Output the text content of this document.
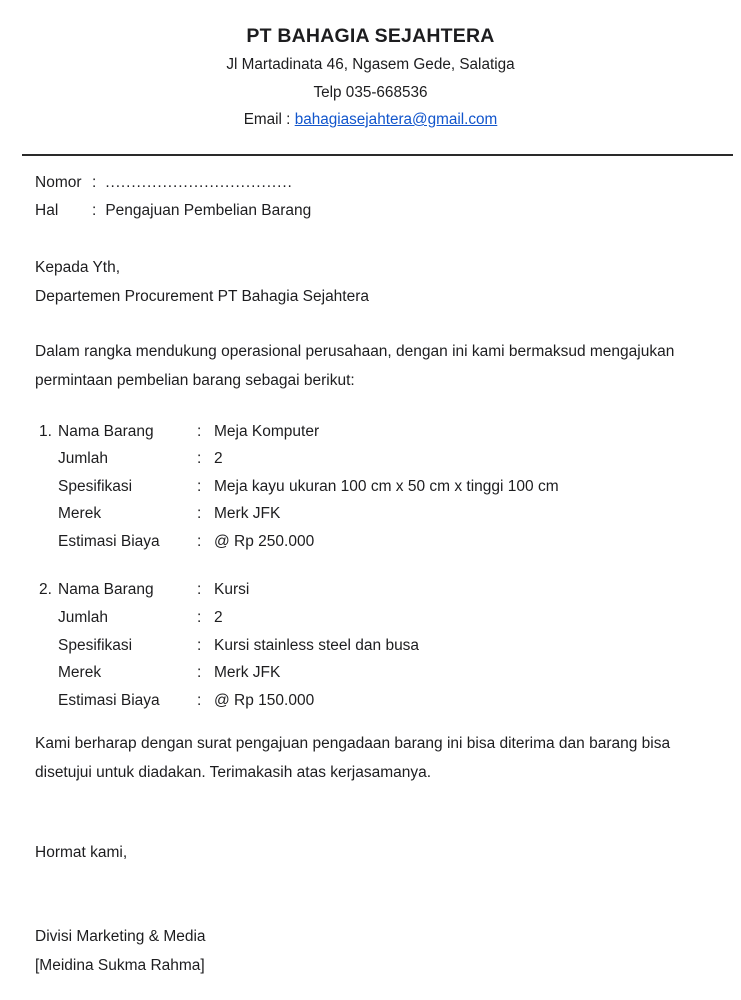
PT BAHAGIA SEJAHTERA
Jl Martadinata 46, Ngasem Gede, Salatiga
Telp 035-668536
Email : bahagiasejahtera@gmail.com
Nomor : ....................................
Hal	: Pengajuan Pembelian Barang
Kepada Yth,
Departemen Procurement PT Bahagia Sejahtera

Dalam rangka mendukung operasional perusahaan, dengan ini kami bermaksud mengajukan permintaan pembelian barang sebagai berikut:

1. Nama Barang	: Meja Komputer
Jumlah	: 2
Spesifikasi	: Meja kayu ukuran 100 cm x 50 cm x tinggi 100 cm
Merek	: Merk JFK
Estimasi Biaya	: @ Rp 250.000
2. Nama Barang	: Kursi
Jumlah	: 2
Spesifikasi	: Kursi stainless steel dan busa
Merek	: Merk JFK
Estimasi Biaya	: @ Rp 150.000

Kami berharap dengan surat pengajuan pengadaan barang ini bisa diterima dan barang bisa disetujui untuk diadakan. Terimakasih atas kerjasamanya.

Hormat kami,
Divisi Marketing & Media
[Meidina Sukma Rahma]
